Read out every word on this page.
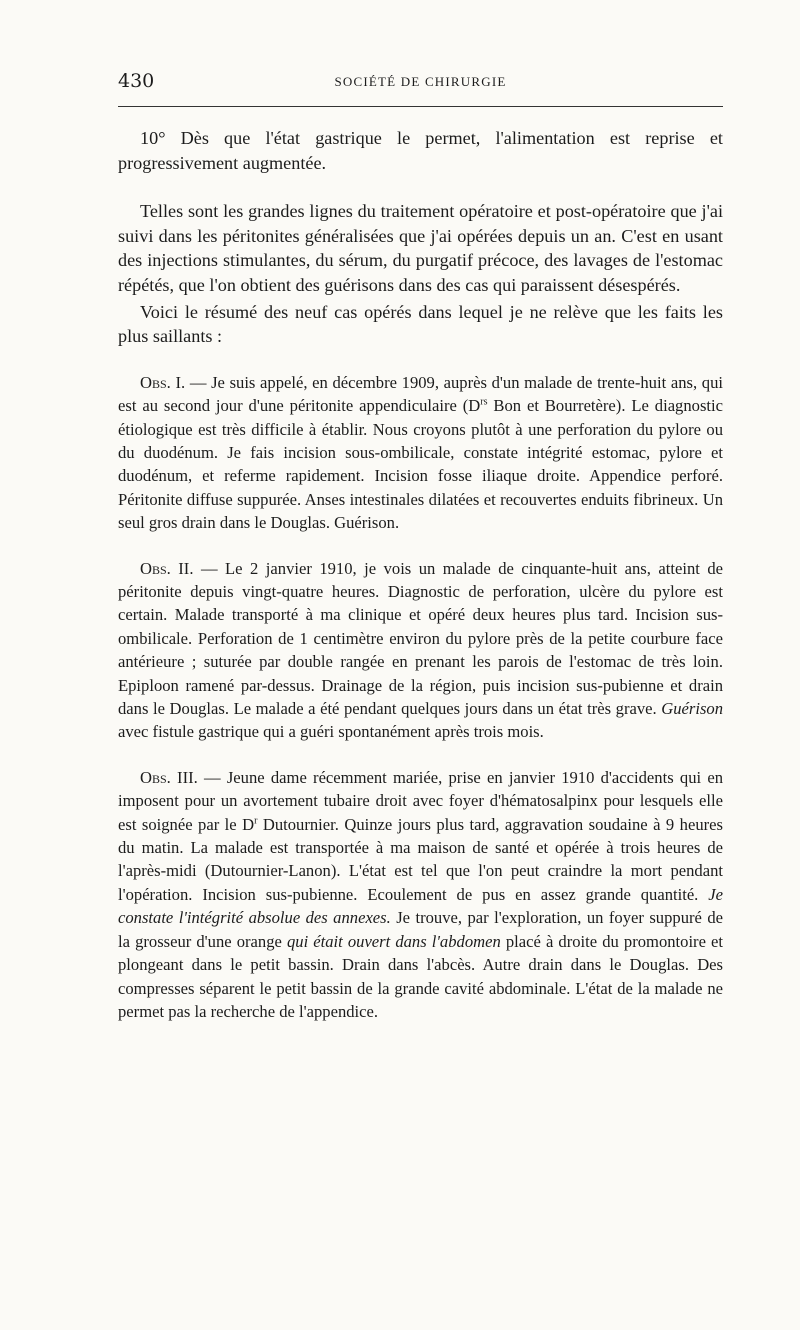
430	SOCIÉTÉ DE CHIRURGIE

10° Dès que l'état gastrique le permet, l'alimentation est reprise et progressivement augmentée.

Telles sont les grandes lignes du traitement opératoire et post-opératoire que j'ai suivi dans les péritonites généralisées que j'ai opérées depuis un an. C'est en usant des injections stimulantes, du sérum, du purgatif précoce, des lavages de l'estomac répétés, que l'on obtient des guérisons dans des cas qui paraissent désespérés.

Voici le résumé des neuf cas opérés dans lequel je ne relève que les faits les plus saillants :

Obs. I. — Je suis appelé, en décembre 1909, auprès d'un malade de trente-huit ans, qui est au second jour d'une péritonite appendiculaire ($D^{rs}$ Bon et Bourretère). Le diagnostic étiologique est très difficile à établir. Nous croyons plutôt à une perforation du pylore ou du duodénum. Je fais incision sous-ombilicale, constate intégrité estomac, pylore et duodénum, et referme rapidement. Incision fosse iliaque droite. Appendice perforé. Péritonite diffuse suppurée. Anses intestinales dilatées et recouvertes enduits fibrineux. Un seul gros drain dans le Douglas. Guérison.

Obs. II. — Le 2 janvier 1910, je vois un malade de cinquante-huit ans, atteint de péritonite depuis vingt-quatre heures. Diagnostic de perforation, ulcère du pylore est certain. Malade transporté à ma clinique et opéré deux heures plus tard. Incision sus-ombilicale. Perforation de 1 centimètre environ du pylore près de la petite courbure face antérieure ; suturée par double rangée en prenant les parois de l'estomac de très loin. Epiploon ramené par-dessus. Drainage de la région, puis incision sus-pubienne et drain dans le Douglas. Le malade a été pendant quelques jours dans un état très grave. Guérison avec fistule gastrique qui a guéri spontanément après trois mois.

Obs. III. — Jeune dame récemment mariée, prise en janvier 1910 d'accidents qui en imposent pour un avortement tubaire droit avec foyer d'hématosalpinx pour lesquels elle est soignée par le $D^r$ Dutournier. Quinze jours plus tard, aggravation soudaine à 9 heures du matin. La malade est transportée à ma maison de santé et opérée à trois heures de l'après-midi (Dutournier-Lanon). L'état est tel que l'on peut craindre la mort pendant l'opération. Incision sus-pubienne. Ecoulement de pus en assez grande quantité. Je constate l'intégrité absolue des annexes. Je trouve, par l'exploration, un foyer suppuré de la grosseur d'une orange qui était ouvert dans l'abdomen placé à droite du promontoire et plongeant dans le petit bassin. Drain dans l'abcès. Autre drain dans le Douglas. Des compresses séparent le petit bassin de la grande cavité abdominale. L'état de la malade ne permet pas la recherche de l'appendice.
